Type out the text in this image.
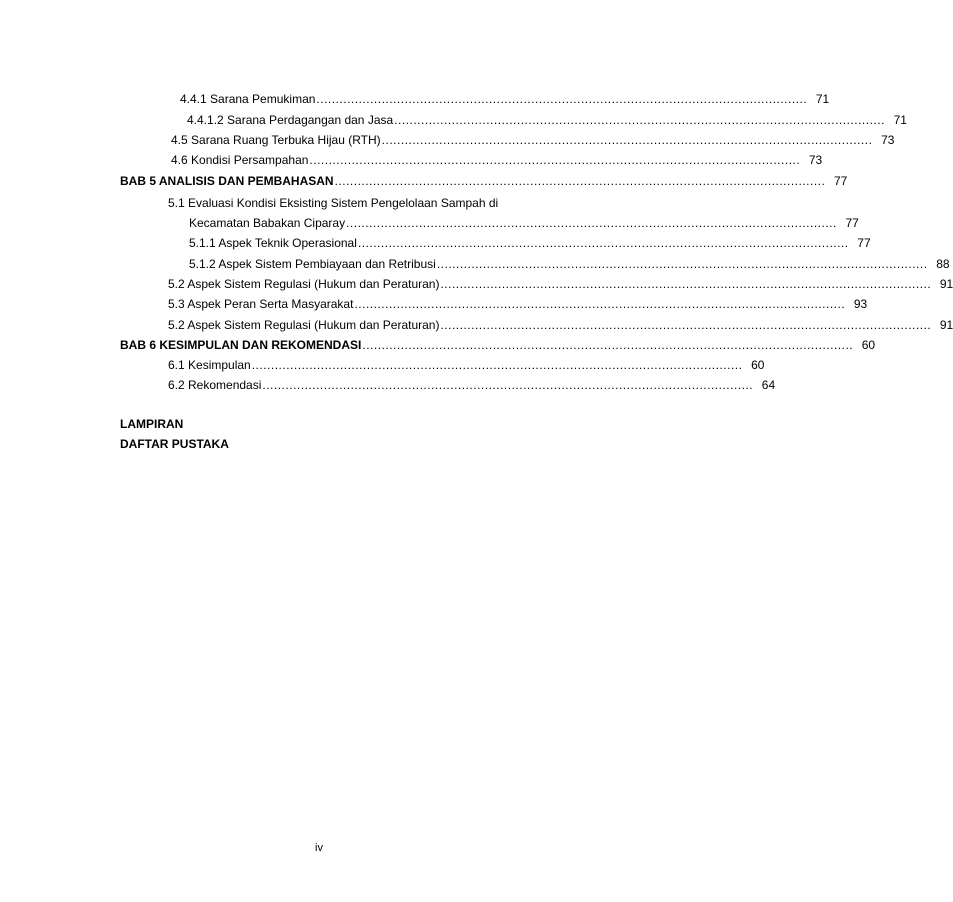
4.4.1 Sarana Pemukiman ................................................................................................................................ 71
4.4.1.2 Sarana Perdagangan dan Jasa ................................................................................................................................ 71
4.5 Sarana Ruang Terbuka Hijau (RTH) ................................................................................................................................ 73
4.6 Kondisi Persampahan ................................................................................................................................ 73
BAB 5 ANALISIS DAN PEMBAHASAN ................................................................................................................................ 77
5.1 Evaluasi Kondisi Eksisting Sistem Pengelolaan Sampah di
Kecamatan Babakan Ciparay ................................................................................................................................ 77
5.1.1 Aspek Teknik Operasional ................................................................................................................................ 77
5.1.2 Aspek Sistem Pembiayaan dan Retribusi ................................................................................................................................ 88
5.2 Aspek Sistem Regulasi (Hukum dan Peraturan) ................................................................................................................................ 91
5.3 Aspek Peran Serta Masyarakat ................................................................................................................................ 93
5.2 Aspek Sistem Regulasi (Hukum dan Peraturan) ................................................................................................................................ 91
BAB 6 KESIMPULAN DAN REKOMENDASI ................................................................................................................................ 60
6.1 Kesimpulan ................................................................................................................................ 60
6.2 Rekomendasi ................................................................................................................................ 64
LAMPIRAN
DAFTAR PUSTAKA
iv
